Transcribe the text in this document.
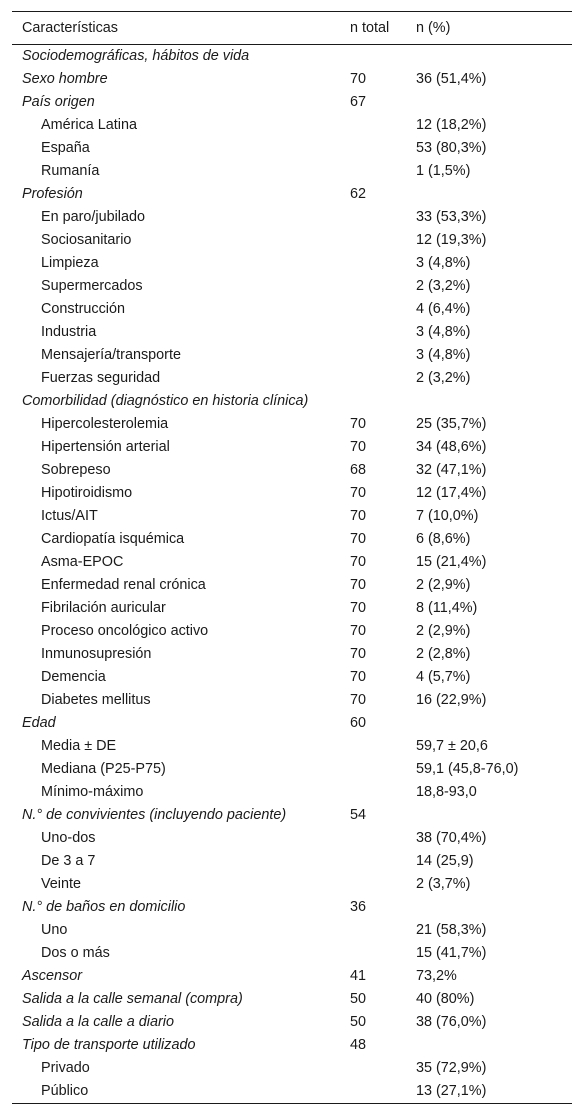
Características	n total	n (%)
Sociodemográficas, hábitos de vida		
Sexo hombre	70	36 (51,4%)
País origen	67	
América Latina		12 (18,2%)
España		53 (80,3%)
Rumanía		1 (1,5%)
Profesión	62	
En paro/jubilado		33 (53,3%)
Sociosanitario		12 (19,3%)
Limpieza		3 (4,8%)
Supermercados		2 (3,2%)
Construcción		4 (6,4%)
Industria		3 (4,8%)
Mensajería/transporte		3 (4,8%)
Fuerzas seguridad		2 (3,2%)
Comorbilidad (diagnóstico en historia clínica)		
Hipercolesterolemia	70	25 (35,7%)
Hipertensión arterial	70	34 (48,6%)
Sobrepeso	68	32 (47,1%)
Hipotiroidismo	70	12 (17,4%)
Ictus/AIT	70	7 (10,0%)
Cardiopatía isquémica	70	6 (8,6%)
Asma-EPOC	70	15 (21,4%)
Enfermedad renal crónica	70	2 (2,9%)
Fibrilación auricular	70	8 (11,4%)
Proceso oncológico activo	70	2 (2,9%)
Inmunosupresión	70	2 (2,8%)
Demencia	70	4 (5,7%)
Diabetes mellitus	70	16 (22,9%)
Edad	60	
Media ± DE		59,7 ± 20,6
Mediana (P25-P75)		59,1 (45,8-76,0)
Mínimo-máximo		18,8-93,0
N.° de convivientes (incluyendo paciente)	54	
Uno-dos		38 (70,4%)
De 3 a 7		14 (25,9)
Veinte		2 (3,7%)
N.° de baños en domicilio	36	
Uno		21 (58,3%)
Dos o más		15 (41,7%)
Ascensor	41	73,2%
Salida a la calle semanal (compra)	50	40 (80%)
Salida a la calle a diario	50	38 (76,0%)
Tipo de transporte utilizado	48	
Privado		35 (72,9%)
Público		13 (27,1%)
